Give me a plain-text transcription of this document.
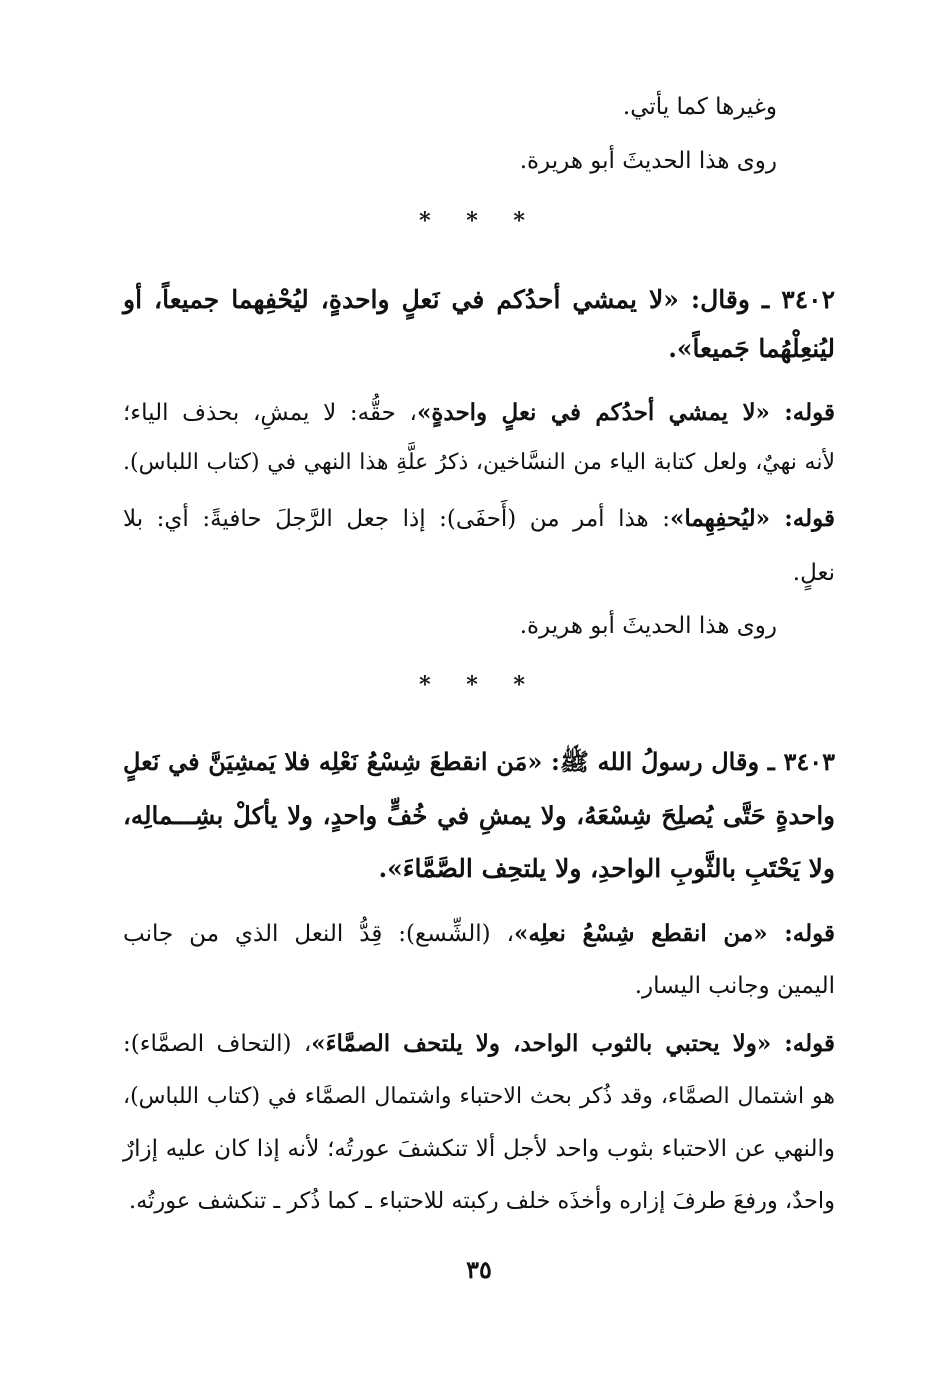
وغيرها كما يأتي.
روى هذا الحديثَ أبو هريرة.
* * *
٣٤٠٢ ـ وقال: «لا يمشي أحدُكم في نَعلٍ واحدةٍ، ليُحْفِهما جميعاً، أو
ليُنعِلْهُما جَميعاً».
قوله: «لا يمشي أحدُكم في نعلٍ واحدةٍ»، حقُّه: لا يمشِ، بحذف الياء؛
لأنه نهيٌ، ولعل كتابة الياء من النسَّاخين، ذكرُ علَّةِ هذا النهي في (كتاب اللباس).
قوله: «ليُحفِهِما»: هذا أمر من (أَحفَى): إذا جعل الرَّجلَ حافيةً: أي: بلا
نعلٍ.
روى هذا الحديثَ أبو هريرة.
* * *
٣٤٠٣ ـ وقال رسولُ الله ﷺ: «مَن انقطعَ شِسْعُ نَعْلِه فلا يَمشِيَنَّ في نَعلٍ
واحدةٍ حَتَّى يُصلِحَ شِسْعَهُ، ولا يمشِ في خُفٍّ واحدٍ، ولا يأكلْ بشِـــمالِه،
ولا يَحْتَبِ بالثَّوبِ الواحدِ، ولا يلتحِف الصَّمَّاءَ».
قوله: «من انقطع شِسْعُ نعلِه»، (الشِّسع): قِدُّ النعل الذي من جانب
اليمين وجانب اليسار.
قوله: «ولا يحتبي بالثوب الواحد، ولا يلتحف الصمَّاءَ»، (التحاف الصمَّاء):
هو اشتمال الصمَّاء، وقد ذُكر بحث الاحتباء واشتمال الصمَّاء في (كتاب اللباس)،
والنهي عن الاحتباء بثوب واحد لأجل ألا تنكشفَ عورتُه؛ لأنه إذا كان عليه إزارٌ
واحدٌ، ورفعَ طرفَ إزاره وأخذَه خلف ركبته للاحتباء ـ كما ذُكر ـ تنكشف عورتُه.
٣٥
